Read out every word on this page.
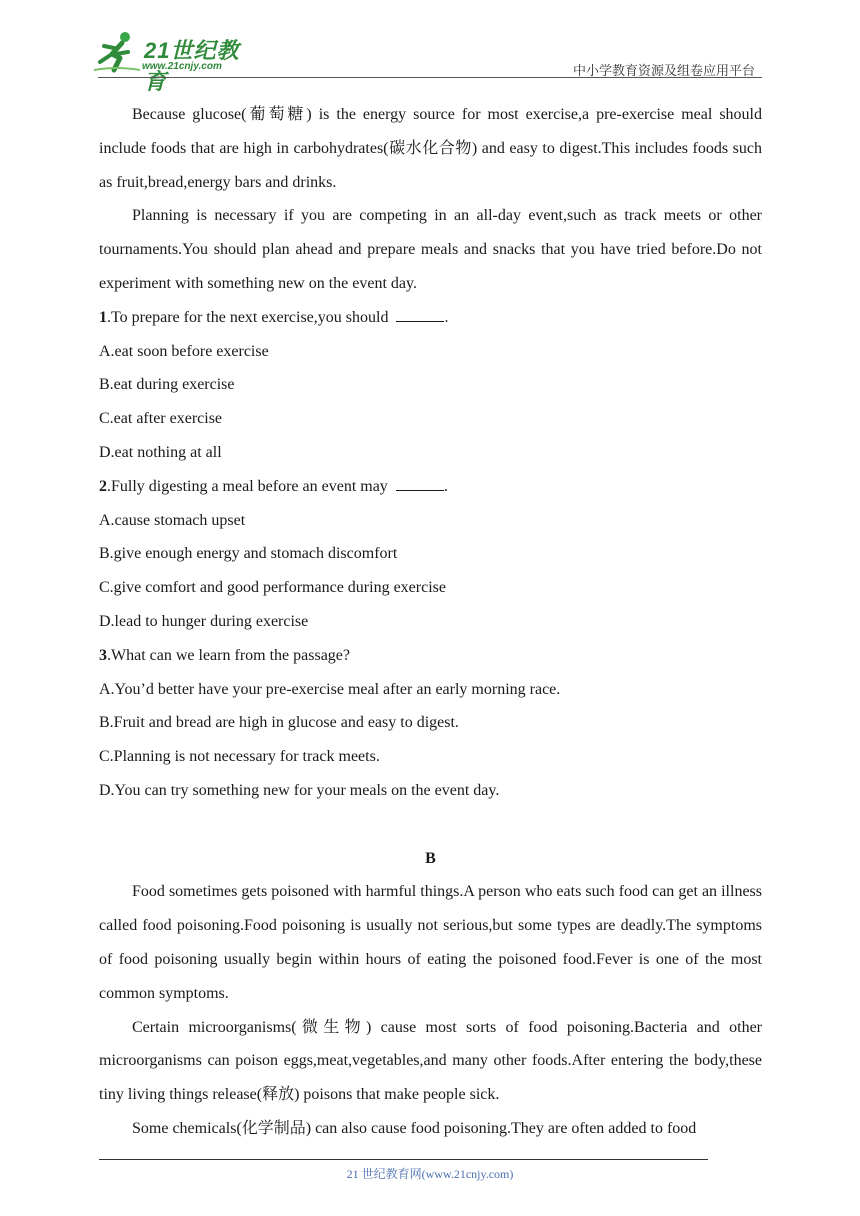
21世纪教育
www.21cnjy.com	中小学教育资源及组卷应用平台

Because glucose(葡萄糖) is the energy source for most exercise,a pre-exercise meal should include foods that are high in carbohydrates(碳水化合物) and easy to digest.This includes foods such as fruit,bread,energy bars and drinks.

Planning is necessary if you are competing in an all-day event,such as track meets or other tournaments.You should plan ahead and prepare meals and snacks that you have tried before.Do not experiment with something new on the event day.

1.To prepare for the next exercise,you should	.

A.eat soon before exercise

B.eat during exercise

C.eat after exercise

D.eat nothing at all

2.Fully digesting a meal before an event may	.

A.cause stomach upset

B.give enough energy and stomach discomfort

C.give comfort and good performance during exercise

D.lead to hunger during exercise

3.What can we learn from the passage?

A.You’d better have your pre-exercise meal after an early morning race.

B.Fruit and bread are high in glucose and easy to digest.

C.Planning is not necessary for track meets.

D.You can try something new for your meals on the event day.

B

Food sometimes gets poisoned with harmful things.A person who eats such food can get an illness called food poisoning.Food poisoning is usually not serious,but some types are deadly.The symptoms of food poisoning usually begin within hours of eating the poisoned food.Fever is one of the most common symptoms.

Certain microorganisms(微生物) cause most sorts of food poisoning.Bacteria and other microorganisms can poison eggs,meat,vegetables,and many other foods.After entering the body,these tiny living things release(释放) poisons that make people sick.

Some chemicals(化学制品) can also cause food poisoning.They are often added to food

21 世纪教育网(www.21cnjy.com)
